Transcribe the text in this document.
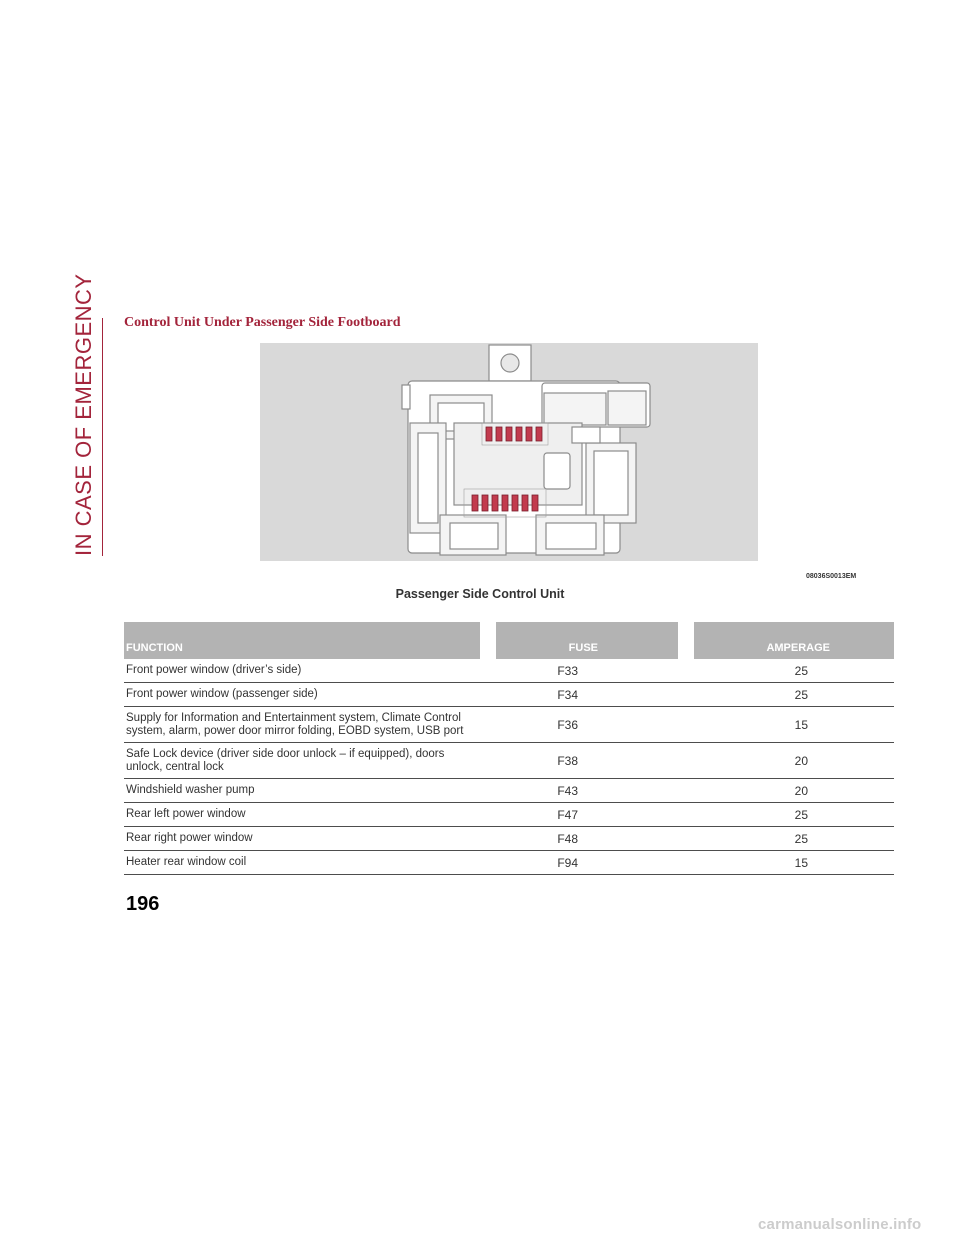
IN CASE OF EMERGENCY Control Unit Under Passenger Side Footboard
08036S0013EM
Passenger Side Control Unit
FUNCTION		FUSE		AMPERAGE
Front power window (driver’s side)		F33		25
Front power window (passenger side)		F34		25
Supply for Information and Entertainment system, Climate Control system, alarm, power door mirror folding, EOBD system, USB port		F36		15
Safe Lock device (driver side door unlock – if equipped), doors unlock, central lock		F38		20
Windshield washer pump		F43		20
Rear left power window		F47		25
Rear right power window		F48		25
Heater rear window coil		F94		15
196
carmanualsonline.info
